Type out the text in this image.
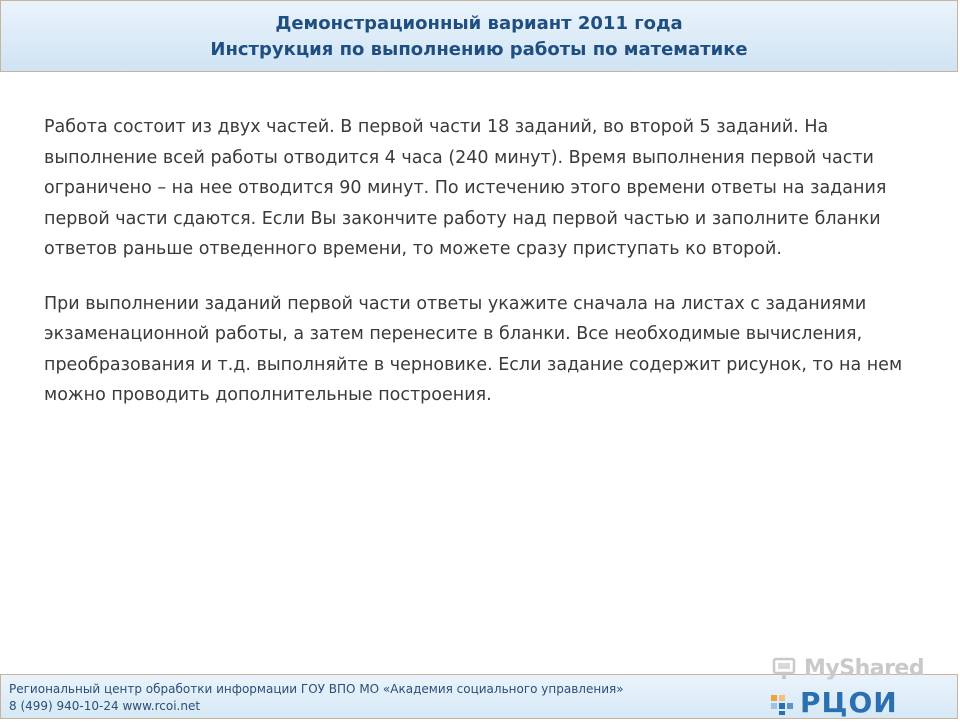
Демонстрационный вариант 2011 года
Инструкция по выполнению работы по математике

Работа состоит из двух частей. В первой части 18 заданий, во второй 5 заданий. На выполнение всей работы отводится 4 часа (240 минут). Время выполнения первой части ограничено – на нее отводится 90 минут. По истечению этого времени ответы на задания первой части сдаются. Если Вы закончите работу над первой частью и заполните бланки ответов раньше отведенного времени, то можете сразу приступать ко второй.

При выполнении заданий первой части ответы укажите сначала на листах с заданиями экзаменационной работы, а затем перенесите в бланки. Все необходимые вычисления, преобразования и т.д. выполняйте в черновике. Если задание содержит рисунок, то на нем можно проводить дополнительные построения.

Региональный центр обработки информации ГОУ ВПО МО «Академия социального управления»
8 (499) 940-10-24 www.rcoi.net
MyShared
РЦОИ
